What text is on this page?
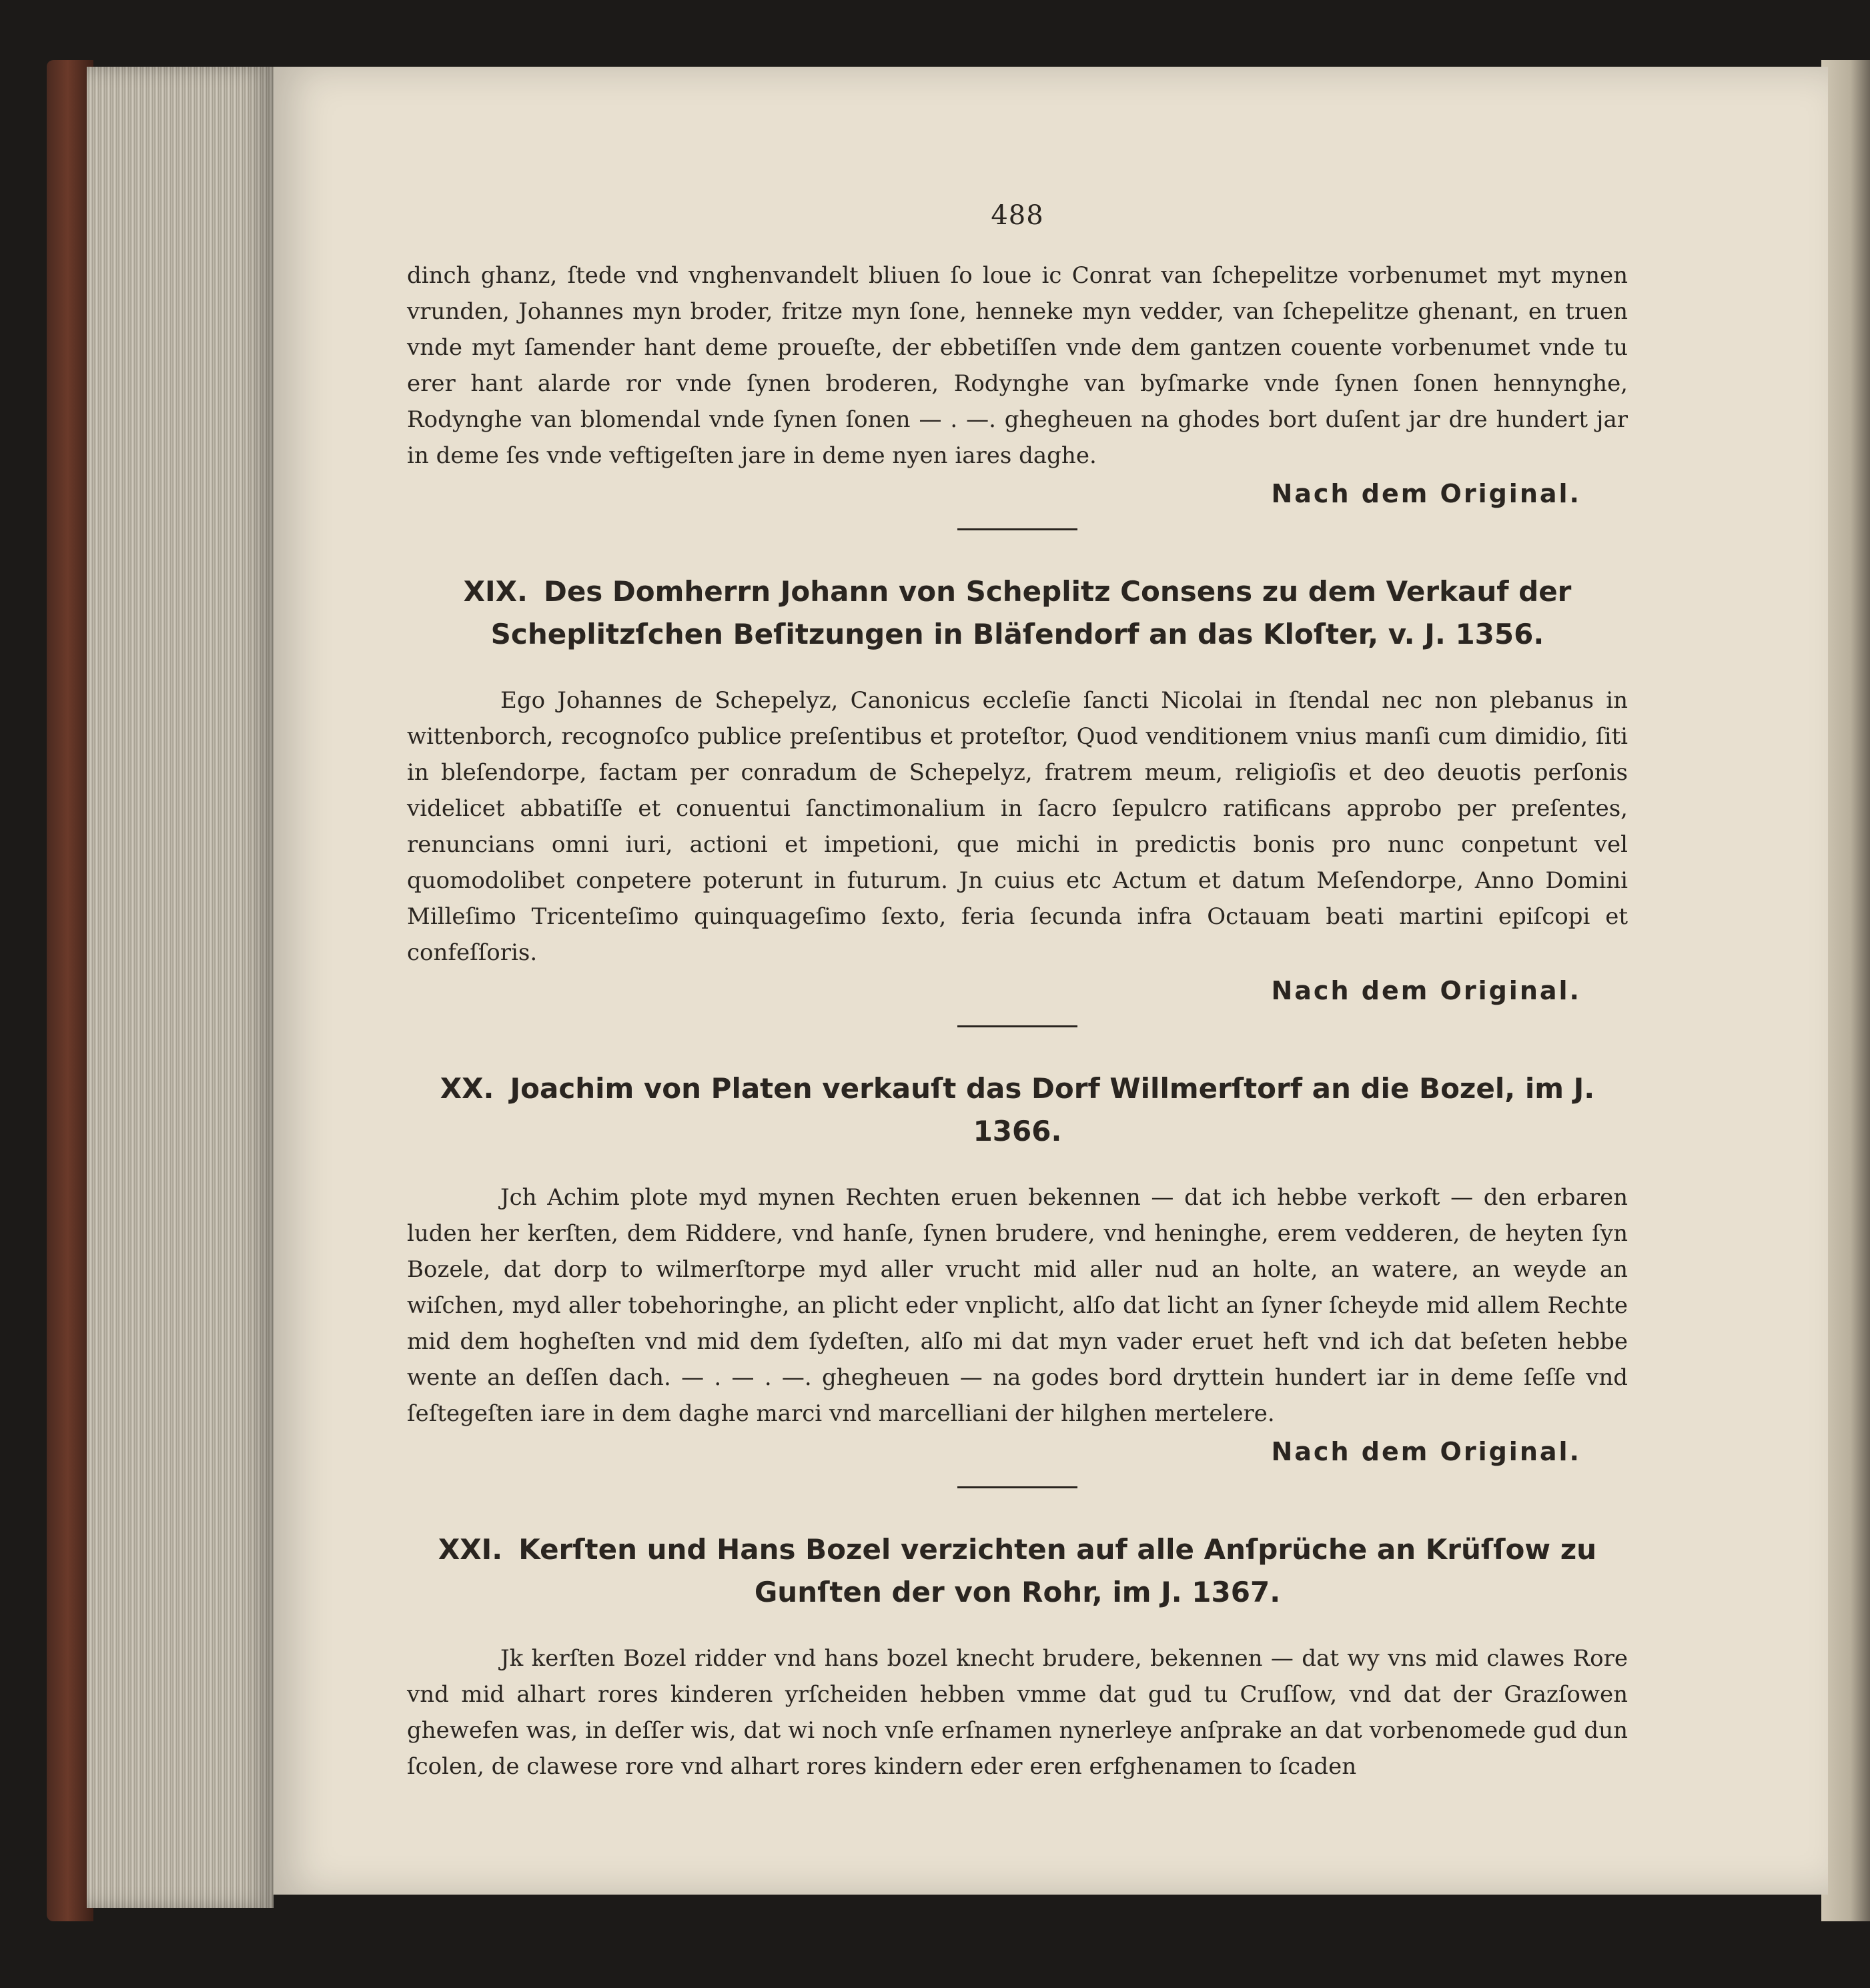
488

dinch ghanz, ſtede vnd vnghenvandelt bliuen ſo loue ic Conrat van ſchepelitze vorbenumet myt mynen vrunden, Johannes myn broder, fritze myn ſone, henneke myn vedder, van ſchepelitze ghenant, en truen vnde myt ſamender hant deme proueſte, der ebbetiſſen vnde dem gantzen couente vorbenumet vnde tu erer hant alarde ror vnde ſynen broderen, Rodynghe van byſmarke vnde ſynen ſonen hennynghe, Rodynghe van blomendal vnde ſynen ſonen — . —. ghegheuen na ghodes bort duſent jar dre hundert jar in deme ſes vnde veftigeſten jare in deme nyen iares daghe.

Nach dem Original.
XIX. Des Domherrn Johann von Scheplitz Consens zu dem Verkauf der Scheplitzſchen Beſitzungen in Bläſendorf an das Kloſter, v. J. 1356.

Ego Johannes de Schepelyz, Canonicus eccleſie ſancti Nicolai in ſtendal nec non plebanus in wittenborch, recognoſco publice preſentibus et proteſtor, Quod venditionem vnius manſi cum dimidio, ſiti in bleſendorpe, factam per conradum de Schepelyz, fratrem meum, religioſis et deo deuotis perſonis videlicet abbatiſſe et conuentui ſanctimonalium in ſacro ſepulcro ratificans approbo per preſentes, renuncians omni iuri, actioni et impetioni, que michi in predictis bonis pro nunc conpetunt vel quomodolibet conpetere poterunt in futurum. Jn cuius etc Actum et datum Meſendorpe, Anno Domini Milleſimo Tricenteſimo quinquageſimo ſexto, feria ſecunda infra Octauam beati martini epiſcopi et confeſſoris.

Nach dem Original.
XX. Joachim von Platen verkauſt das Dorf Willmerſtorf an die Bozel, im J. 1366.

Jch Achim plote myd mynen Rechten eruen bekennen — dat ich hebbe verkoft — den erbaren luden her kerſten, dem Riddere, vnd hanſe, ſynen brudere, vnd heninghe, erem vedderen, de heyten ſyn Bozele, dat dorp to wilmerſtorpe myd aller vrucht mid aller nud an holte, an watere, an weyde an wiſchen, myd aller tobehoringhe, an plicht eder vnplicht, alſo dat licht an ſyner ſcheyde mid allem Rechte mid dem hogheſten vnd mid dem ſydeſten, alſo mi dat myn vader eruet heft vnd ich dat beſeten hebbe wente an deſſen dach. — . — . —. ghegheuen — na godes bord dryttein hundert iar in deme ſeſſe vnd ſeſtegeſten iare in dem daghe marci vnd marcelliani der hilghen mertelere.

Nach dem Original.
XXI. Kerſten und Hans Bozel verzichten auf alle Anſprüche an Krüſſow zu Gunſten der von Rohr, im J. 1367.

Jk kerſten Bozel ridder vnd hans bozel knecht brudere, bekennen — dat wy vns mid clawes Rore vnd mid alhart rores kinderen yrſcheiden hebben vmme dat gud tu Cruſſow, vnd dat der Grazſowen ghewefen was, in deſſer wis, dat wi noch vnſe erſnamen nynerleye anſprake an dat vorbenomede gud dun ſcolen, de clawese rore vnd alhart rores kindern eder eren erfghenamen to ſcaden
